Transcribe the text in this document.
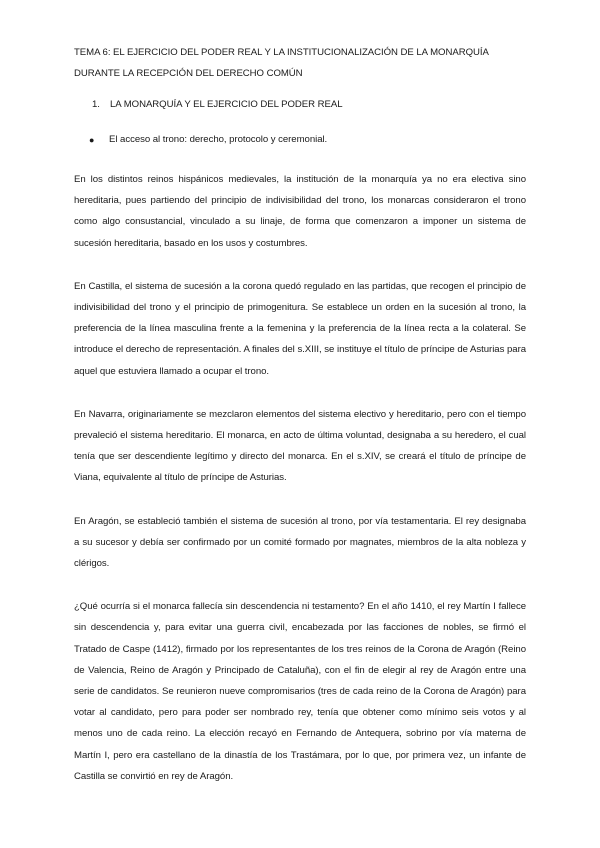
TEMA 6: EL EJERCICIO DEL PODER REAL Y LA INSTITUCIONALIZACIÓN DE LA MONARQUÍA DURANTE LA RECEPCIÓN DEL DERECHO COMÚN
1.	LA MONARQUÍA Y EL EJERCICIO DEL PODER REAL
●	El acceso al trono: derecho, protocolo y ceremonial.

En los distintos reinos hispánicos medievales, la institución de la monarquía ya no era electiva sino hereditaria, pues partiendo del principio de indivisibilidad del trono, los monarcas consideraron el trono como algo consustancial, vinculado a su linaje, de forma que comenzaron a imponer un sistema de sucesión hereditaria, basado en los usos y costumbres.

En Castilla, el sistema de sucesión a la corona quedó regulado en las partidas, que recogen el principio de indivisibilidad del trono y el principio de primogenitura. Se establece un orden en la sucesión al trono, la preferencia de la línea masculina frente a la femenina y la preferencia de la línea recta a la colateral. Se introduce el derecho de representación. A finales del s.XIII, se instituye el título de príncipe de Asturias para aquel que estuviera llamado a ocupar el trono.

En Navarra, originariamente se mezclaron elementos del sistema electivo y hereditario, pero con el tiempo prevaleció el sistema hereditario. El monarca, en acto de última voluntad, designaba a su heredero, el cual tenía que ser descendiente legítimo y directo del monarca. En el s.XIV, se creará el título de príncipe de Viana, equivalente al título de príncipe de Asturias.

En Aragón, se estableció también el sistema de sucesión al trono, por vía testamentaria. El rey designaba a su sucesor y debía ser confirmado por un comité formado por magnates, miembros de la alta nobleza y clérigos.

¿Qué ocurría si el monarca fallecía sin descendencia ni testamento? En el año 1410, el rey Martín I fallece sin descendencia y, para evitar una guerra civil, encabezada por las facciones de nobles, se firmó el Tratado de Caspe (1412), firmado por los representantes de los tres reinos de la Corona de Aragón (Reino de Valencia, Reino de Aragón y Principado de Cataluña), con el fin de elegir al rey de Aragón entre una serie de candidatos. Se reunieron nueve compromisarios (tres de cada reino de la Corona de Aragón) para votar al candidato, pero para poder ser nombrado rey, tenía que obtener como mínimo seis votos y al menos uno de cada reino. La elección recayó en Fernando de Antequera, sobrino por vía materna de Martín I, pero era castellano de la dinastía de los Trastámara, por lo que, por primera vez, un infante de Castilla se convirtió en rey de Aragón.
